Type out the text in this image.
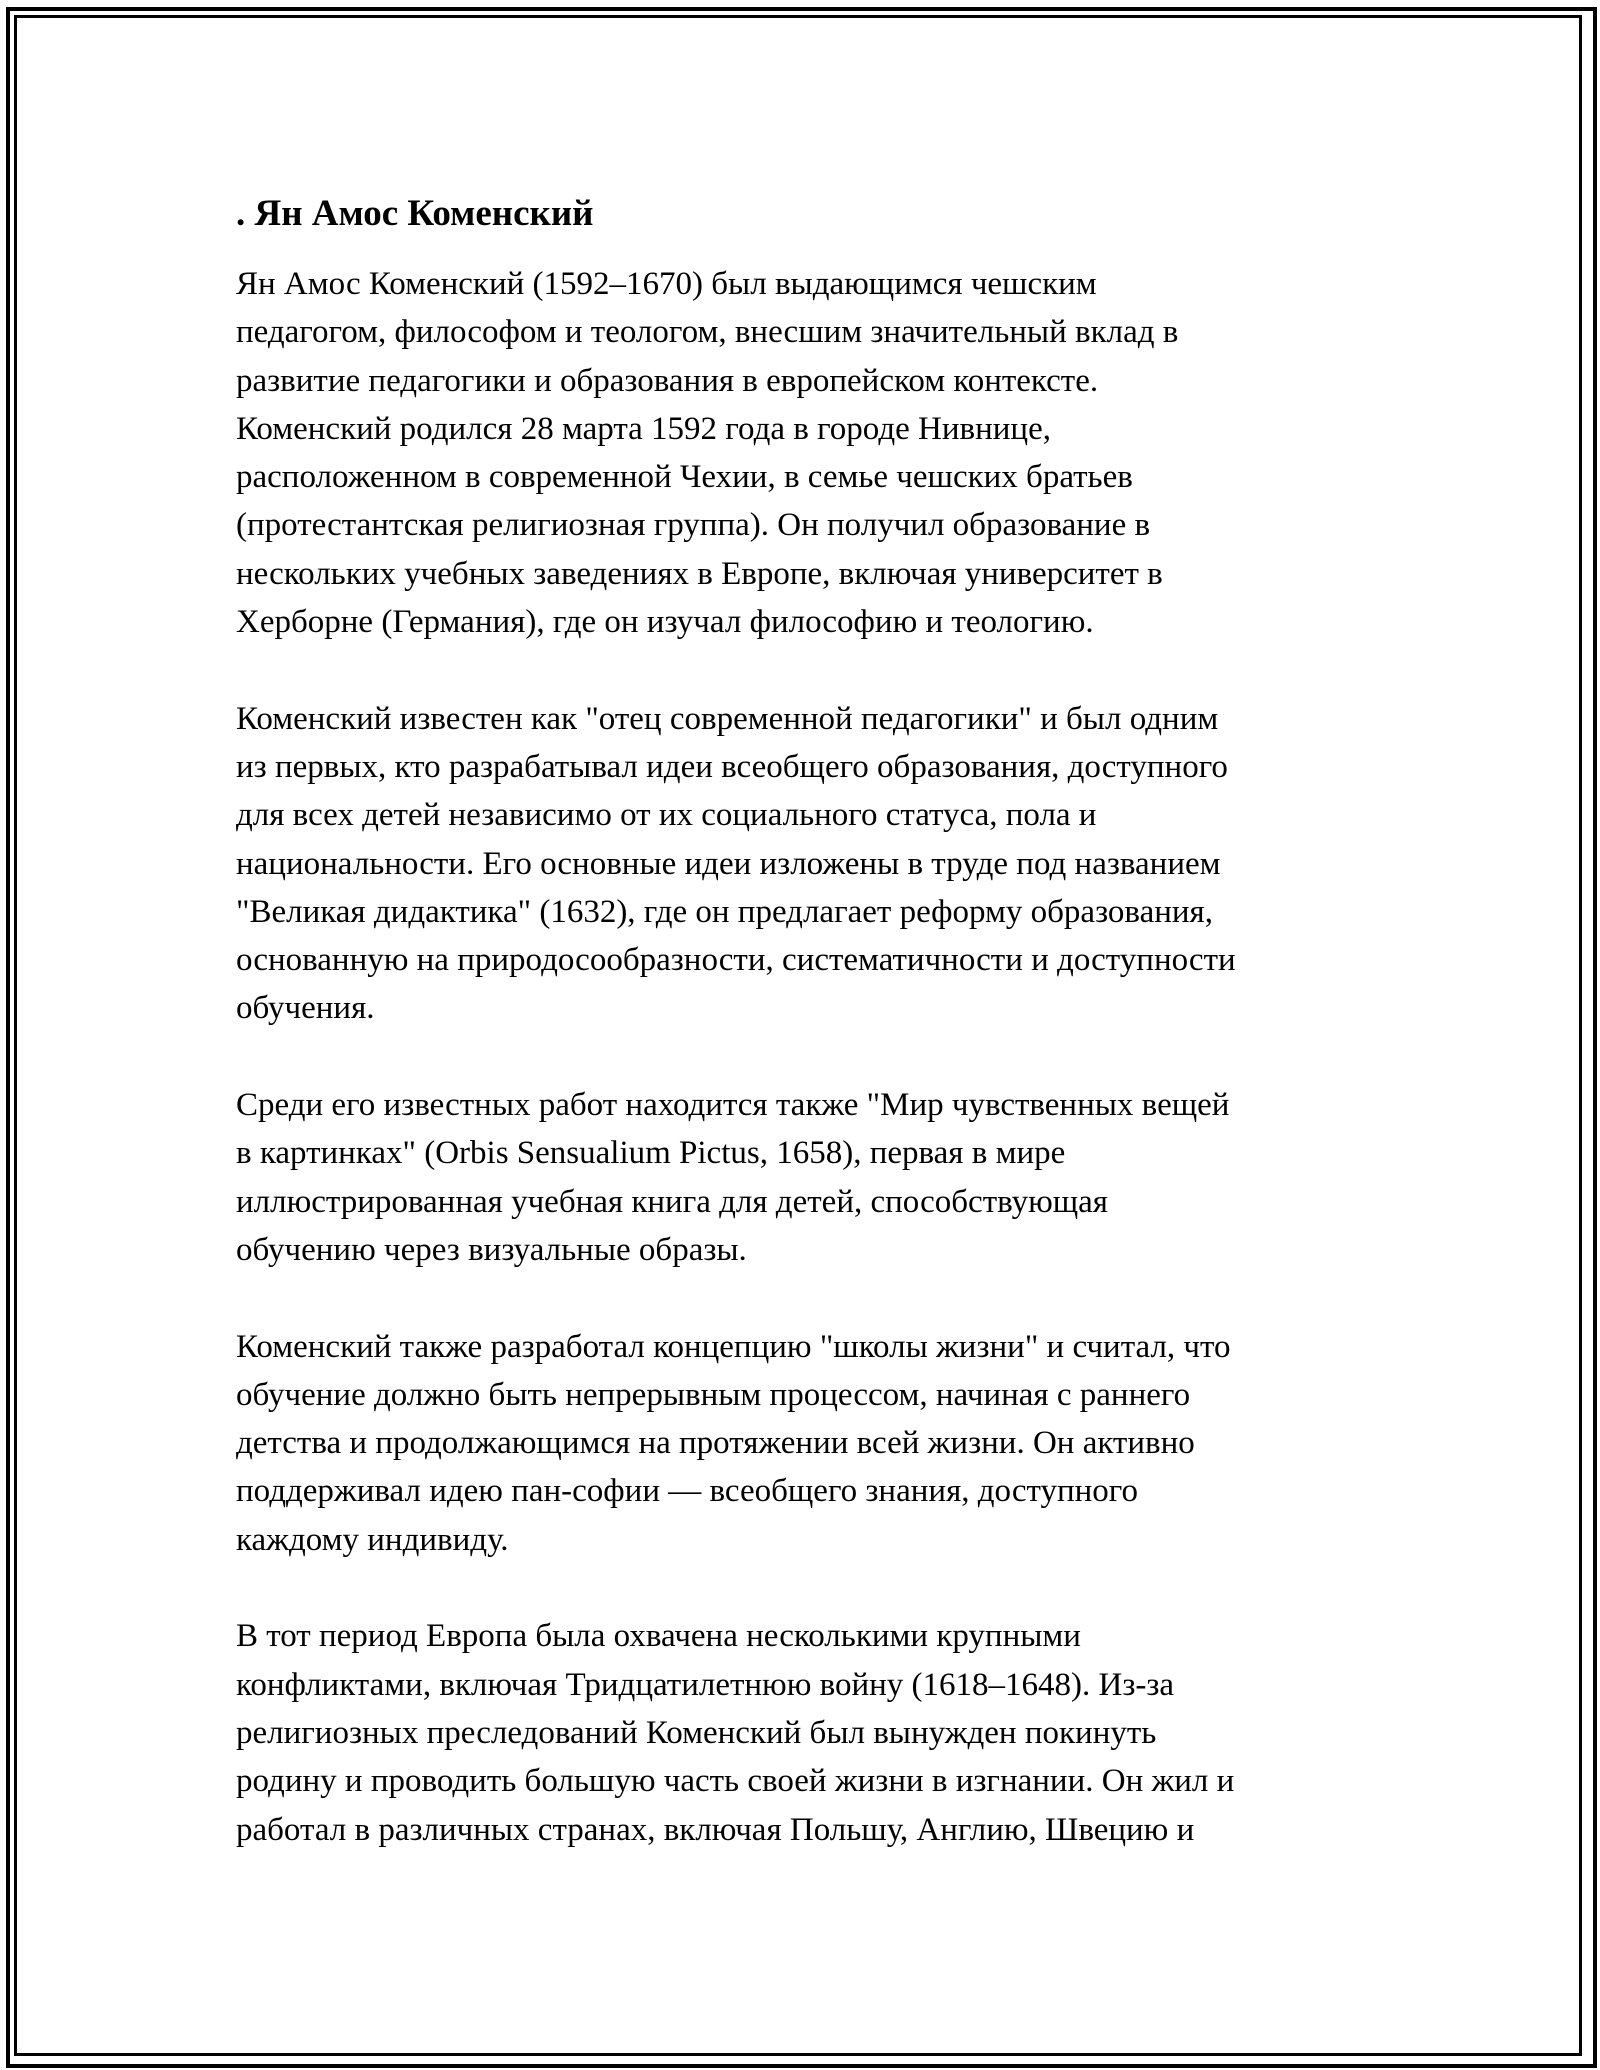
. Ян Амос Коменский

Ян Амос Коменский (1592–1670) был выдающимся чешским
педагогом, философом и теологом, внесшим значительный вклад в
развитие педагогики и образования в европейском контексте.
Коменский родился 28 марта 1592 года в городе Нивнице,
расположенном в современной Чехии, в семье чешских братьев
(протестантская религиозная группа). Он получил образование в
нескольких учебных заведениях в Европе, включая университет в
Херборне (Германия), где он изучал философию и теологию.

Коменский известен как "отец современной педагогики" и был одним
из первых, кто разрабатывал идеи всеобщего образования, доступного
для всех детей независимо от их социального статуса, пола и
национальности. Его основные идеи изложены в труде под названием
"Великая дидактика" (1632), где он предлагает реформу образования,
основанную на природосообразности, систематичности и доступности
обучения.

Среди его известных работ находится также "Мир чувственных вещей
в картинках" (Orbis Sensualium Pictus, 1658), первая в мире
иллюстрированная учебная книга для детей, способствующая
обучению через визуальные образы.

Коменский также разработал концепцию "школы жизни" и считал, что
обучение должно быть непрерывным процессом, начиная с раннего
детства и продолжающимся на протяжении всей жизни. Он активно
поддерживал идею пан-софии — всеобщего знания, доступного
каждому индивиду.

В тот период Европа была охвачена несколькими крупными
конфликтами, включая Тридцатилетнюю войну (1618–1648). Из-за
религиозных преследований Коменский был вынужден покинуть
родину и проводить большую часть своей жизни в изгнании. Он жил и
работал в различных странах, включая Польшу, Англию, Швецию и
